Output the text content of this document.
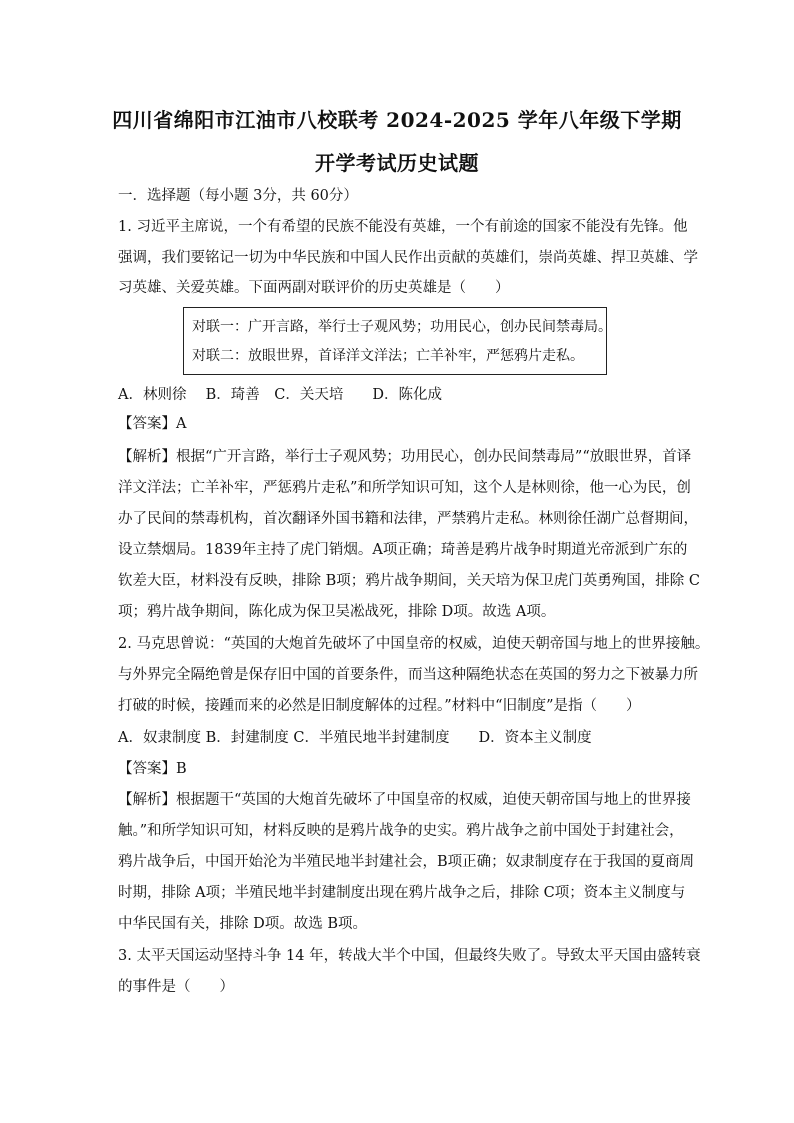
四川省绵阳市江油市八校联考 2024-2025 学年八年级下学期
开学考试历史试题
一．选择题（每小题 3分，共 60分）
1. 习近平主席说，一个有希望的民族不能没有英雄，一个有前途的国家不能没有先锋。他
强调，我们要铭记一切为中华民族和中国人民作出贡献的英雄们，崇尚英雄、捍卫英雄、学
习英雄、关爱英雄。下面两副对联评价的历史英雄是（　　）
对联一：广开言路，举行士子观风势；功用民心，创办民间禁毒局。
对联二：放眼世界，首译洋文洋法；亡羊补牢，严惩鸦片走私。
A．林则徐　 B．琦善　C．关天培　　D．陈化成
【答案】A
【解析】根据“广开言路，举行士子观风势；功用民心，创办民间禁毒局”“放眼世界，首译
洋文洋法；亡羊补牢，严惩鸦片走私”和所学知识可知，这个人是林则徐，他一心为民，创
办了民间的禁毒机构，首次翻译外国书籍和法律，严禁鸦片走私。林则徐任湖广总督期间，
设立禁烟局。1839年主持了虎门销烟。A项正确；琦善是鸦片战争时期道光帝派到广东的
钦差大臣，材料没有反映，排除 B项；鸦片战争期间，关天培为保卫虎门英勇殉国，排除 C
项；鸦片战争期间，陈化成为保卫吴凇战死，排除 D项。故选 A项。
2. 马克思曾说：“英国的大炮首先破坏了中国皇帝的权威，迫使天朝帝国与地上的世界接触。
与外界完全隔绝曾是保存旧中国的首要条件，而当这种隔绝状态在英国的努力之下被暴力所
打破的时候，接踵而来的必然是旧制度解体的过程。”材料中“旧制度”是指（　　）
A．奴隶制度 B．封建制度 C．半殖民地半封建制度　　D．资本主义制度
【答案】B
【解析】根据题干“英国的大炮首先破坏了中国皇帝的权威，迫使天朝帝国与地上的世界接
触。”和所学知识可知，材料反映的是鸦片战争的史实。鸦片战争之前中国处于封建社会，
鸦片战争后，中国开始沦为半殖民地半封建社会，B项正确；奴隶制度存在于我国的夏商周
时期，排除 A项；半殖民地半封建制度出现在鸦片战争之后，排除 C项；资本主义制度与
中华民国有关，排除 D项。故选 B项。
3. 太平天国运动坚持斗争 14 年，转战大半个中国，但最终失败了。导致太平天国由盛转衰
的事件是（　　）
